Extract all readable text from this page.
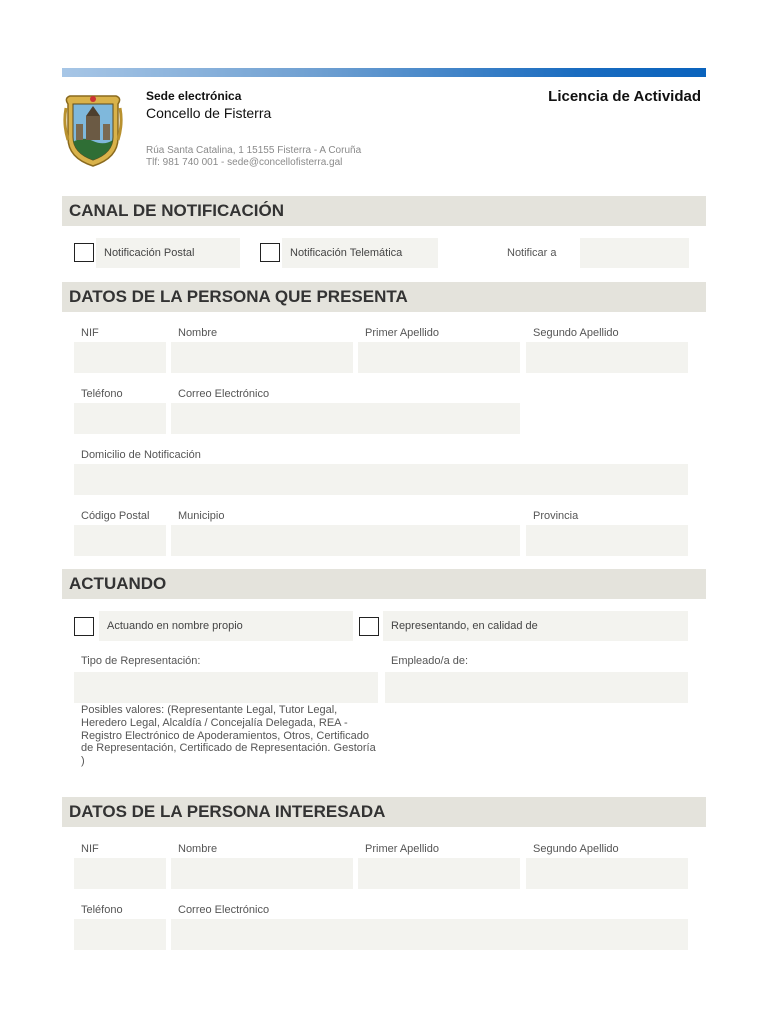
Sede electrónica
Concello de Fisterra
Rúa Santa Catalina, 1 15155 Fisterra - A Coruña
Tlf: 981 740 001 - sede@concellofisterra.gal
Licencia de Actividad
CANAL DE NOTIFICACIÓN
Notificación Postal	Notificación Telemática	Notificar a
DATOS DE LA PERSONA QUE PRESENTA
NIF	Nombre	Primer Apellido	Segundo Apellido
Teléfono	Correo Electrónico
Domicilio de Notificación
Código Postal	Municipio	Provincia
ACTUANDO
Actuando en nombre propio	Representando, en calidad de
Tipo de Representación:	Empleado/a de:
Posibles valores: (Representante Legal, Tutor Legal, Heredero Legal, Alcaldía / Concejalía Delegada, REA - Registro Electrónico de Apoderamientos, Otros, Certificado de Representación, Certificado de Representación. Gestoría )
DATOS DE LA PERSONA INTERESADA
NIF	Nombre	Primer Apellido	Segundo Apellido
Teléfono	Correo Electrónico
